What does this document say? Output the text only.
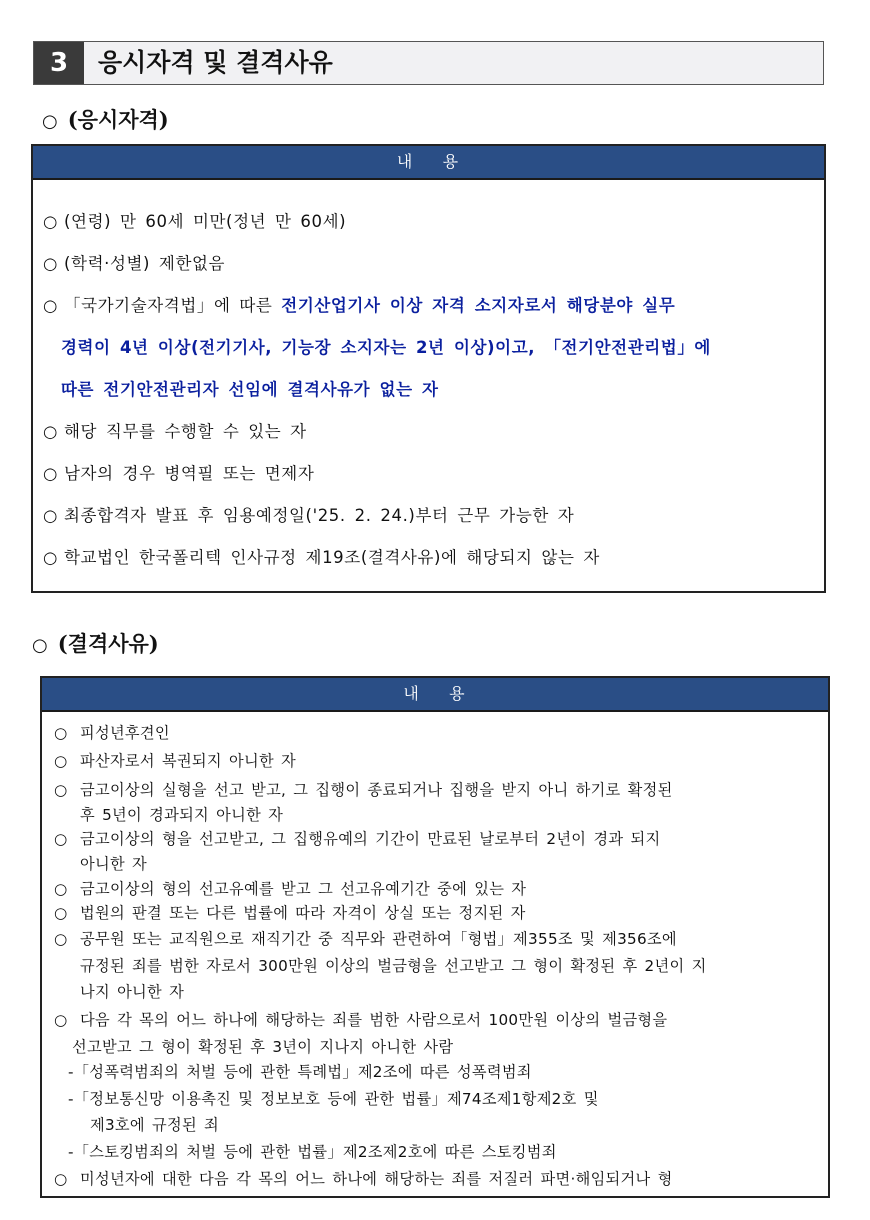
3	응시자격 및 결격사유
○ (응시자격)
내    용
○ (연령) 만 60세 미만(정년 만 60세)
○ (학력·성별) 제한없음
○ 「국가기술자격법」에 따른 전기산업기사 이상 자격 소지자로서 해당분야 실무
경력이 4년 이상(전기기사, 기능장 소지자는 2년 이상)이고, 「전기안전관리법」에
따른 전기안전관리자 선임에 결격사유가 없는 자
○ 해당 직무를 수행할 수 있는 자
○ 남자의 경우 병역필 또는 면제자
○ 최종합격자 발표 후 임용예정일('25. 2. 24.)부터 근무 가능한 자
○ 학교법인 한국폴리텍 인사규정 제19조(결격사유)에 해당되지 않는 자
○ (결격사유)
내    용
○ 피성년후견인
○ 파산자로서 복권되지 아니한 자
○ 금고이상의 실형을 선고 받고, 그 집행이 종료되거나 집행을 받지 아니 하기로 확정된
후 5년이 경과되지 아니한 자
○ 금고이상의 형을 선고받고, 그 집행유예의 기간이 만료된 날로부터 2년이 경과 되지
아니한 자
○ 금고이상의 형의 선고유예를 받고 그 선고유예기간 중에 있는 자
○ 법원의 판결 또는 다른 법률에 따라 자격이 상실 또는 정지된 자
○ 공무원 또는 교직원으로 재직기간 중 직무와 관련하여「형법」제355조 및 제356조에
규정된 죄를 범한 자로서 300만원 이상의 벌금형을 선고받고 그 형이 확정된 후 2년이 지
나지 아니한 자
○ 다음 각 목의 어느 하나에 해당하는 죄를 범한 사람으로서 100만원 이상의 벌금형을
선고받고 그 형이 확정된 후 3년이 지나지 아니한 사람
-「성폭력범죄의 처벌 등에 관한 특례법」제2조에 따른 성폭력범죄
-「정보통신망 이용촉진 및 정보보호 등에 관한 법률」제74조제1항제2호 및
제3호에 규정된 죄
-「스토킹범죄의 처벌 등에 관한 법률」제2조제2호에 따른 스토킹범죄
○ 미성년자에 대한 다음 각 목의 어느 하나에 해당하는 죄를 저질러 파면·해임되거나 형
